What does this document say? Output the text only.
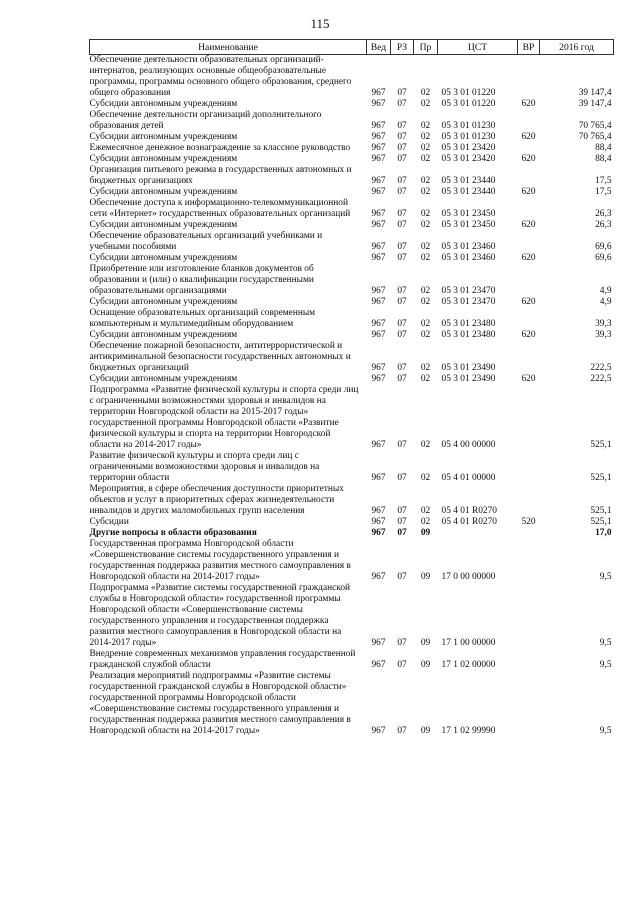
115
Наименование	Вед	РЗ	Пр	ЦСТ	ВР	2016 год
Обеспечение деятельности образовательных организаций-интернатов, реализующих основные общеобразовательные программы, программы основного общего образования, среднего общего образования	967	07	02	05 3 01 01220		39 147,4
Субсидии автономным учреждениям	967	07	02	05 3 01 01220	620	39 147,4
Обеспечение деятельности организаций дополнительного образования детей	967	07	02	05 3 01 01230		70 765,4
Субсидии автономным учреждениям	967	07	02	05 3 01 01230	620	70 765,4
Ежемесячное денежное вознаграждение за классное руководство	967	07	02	05 3 01 23420		88,4
Субсидии автономным учреждениям	967	07	02	05 3 01 23420	620	88,4
Организация питьевого режима в государственных автономных и бюджетных организациях	967	07	02	05 3 01 23440		17,5
Субсидии автономным учреждениям	967	07	02	05 3 01 23440	620	17,5
Обеспечение доступа к информационно-телекоммуникационной сети «Интернет» государственных образовательных организаций	967	07	02	05 3 01 23450		26,3
Субсидии автономным учреждениям	967	07	02	05 3 01 23450	620	26,3
Обеспечение образовательных организаций учебниками и учебными пособиями	967	07	02	05 3 01 23460		69,6
Субсидии автономным учреждениям	967	07	02	05 3 01 23460	620	69,6
Приобретение или изготовление бланков документов об образовании и (или) о квалификации государственными образовательными организациями	967	07	02	05 3 01 23470		4,9
Субсидии автономным учреждениям	967	07	02	05 3 01 23470	620	4,9
Оснащение образовательных организаций современным компьютерным и мультимедийным оборудованием	967	07	02	05 3 01 23480		39,3
Субсидии автономным учреждениям	967	07	02	05 3 01 23480	620	39,3
Обеспечение пожарной безопасности, антитеррористической и антикриминальной безопасности государственных автономных и бюджетных организаций	967	07	02	05 3 01 23490		222,5
Субсидии автономным учреждениям	967	07	02	05 3 01 23490	620	222,5
Подпрограмма «Развитие физической культуры и спорта среди лиц с ограниченными возможностями здоровья и инвалидов на территории Новгородской области на 2015-2017 годы» государственной программы Новгородской области «Развитие физической культуры и спорта на территории Новгородской области на 2014-2017 годы»	967	07	02	05 4 00 00000		525,1
Развитие физической культуры и спорта среди лиц с ограниченными возможностями здоровья и инвалидов на территории области	967	07	02	05 4 01 00000		525,1
Мероприятия, в сфере обеспечения доступности приоритетных объектов и услуг в приоритетных сферах жизнедеятельности инвалидов и других маломобильных групп населения	967	07	02	05 4 01 R0270		525,1
Субсидии	967	07	02	05 4 01 R0270	520	525,1
Другие вопросы в области образования	967	07	09			17,0
Государственная программа Новгородской области «Совершенствование системы государственного управления и государственная поддержка развития местного самоуправления в Новгородской области на 2014-2017 годы»	967	07	09	17 0 00 00000		9,5
Подпрограмма «Развитие системы государственной гражданской службы в Новгородской области» государственной программы Новгородской области «Совершенствование системы государственного управления и государственная поддержка развития местного самоуправления в Новгородской области на 2014-2017 годы»	967	07	09	17 1 00 00000		9,5
Внедрение современных механизмов управления государственной гражданской службой области	967	07	09	17 1 02 00000		9,5
Реализация мероприятий подпрограммы «Развитие системы государственной гражданской службы в Новгородской области» государственной программы Новгородской области «Совершенствование системы государственного управления и государственная поддержка развития местного самоуправления в Новгородской области на 2014-2017 годы»	967	07	09	17 1 02 99990		9,5
